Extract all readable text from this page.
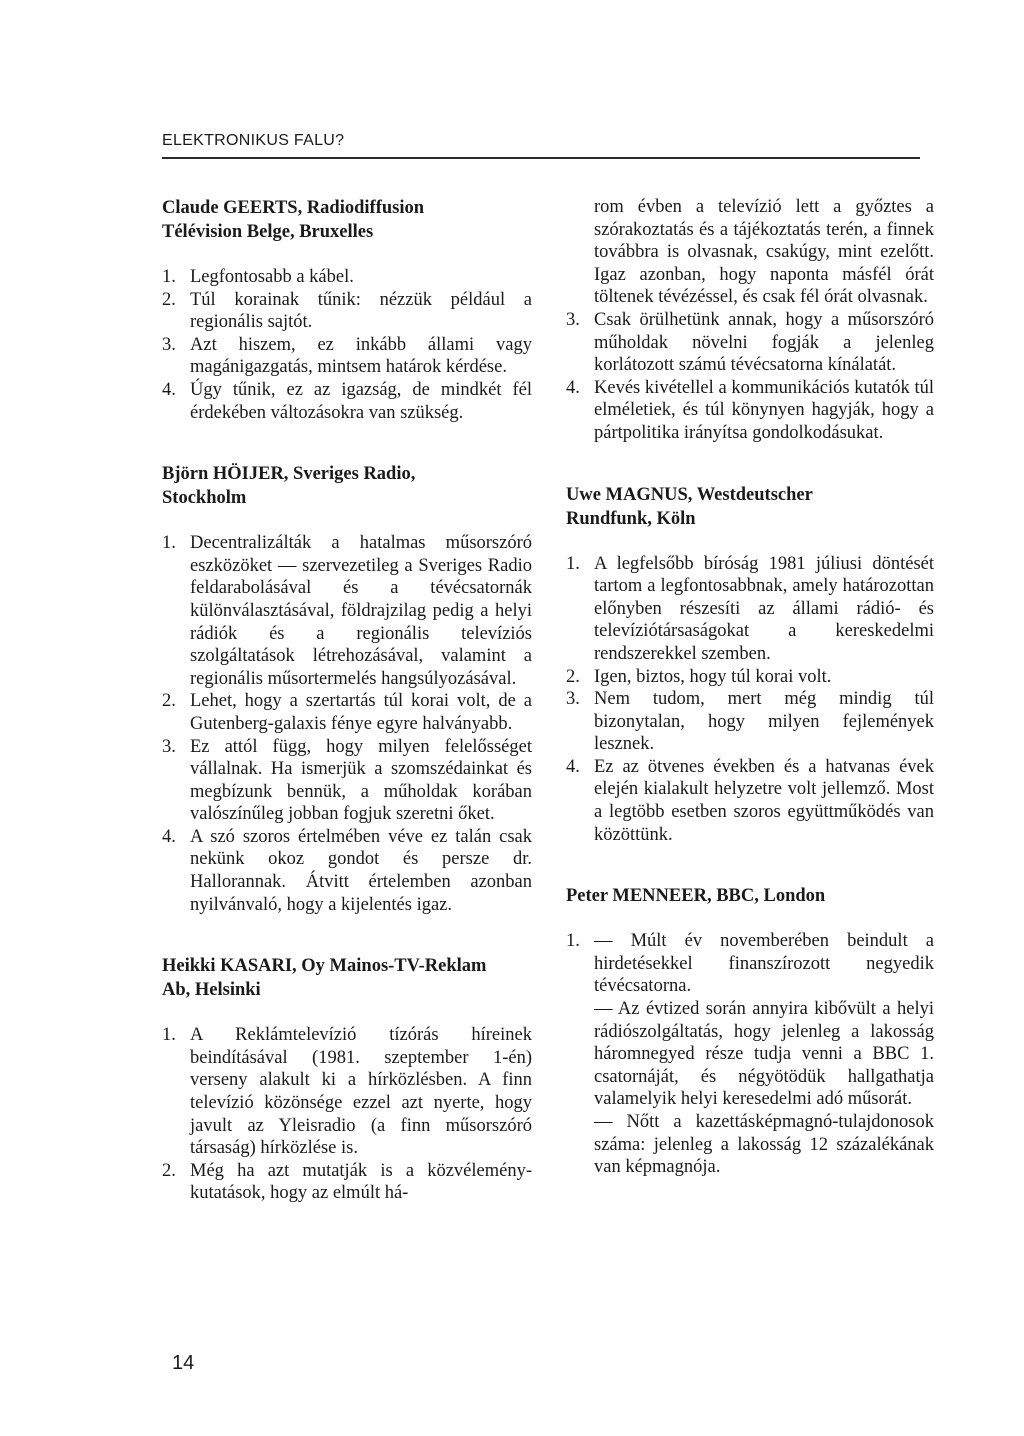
ELEKTRONIKUS FALU?

Claude GEERTS, Radiodiffusion Télévision Belge, Bruxelles

1. Legfontosabb a kábel.

2. Túl korainak tűnik: nézzük például a regionális sajtót.

3. Azt hiszem, ez inkább állami vagy magánigazgatás, mintsem határok kérdése.

4. Úgy tűnik, ez az igazság, de mindkét fél érdekében változásokra van szükség.

Björn HÖIJER, Sveriges Radio, Stockholm

1. Decentralizálták a hatalmas műsorszóró eszközöket — szervezetileg a Sveriges Radio feldarabolásával és a tévécsatornák különválasztásával, földrajzilag pedig a helyi rádiók és a regionális televíziós szolgáltatások létrehozásával, valamint a regionális műsortermelés hangsúlyozásával.

2. Lehet, hogy a szertartás túl korai volt, de a Gutenberg-galaxis fénye egyre halványabb.

3. Ez attól függ, hogy milyen felelősséget vállalnak. Ha ismerjük a szomszédainkat és megbízunk bennük, a műholdak korában valószínűleg jobban fogjuk szeretni őket.

4. A szó szoros értelmében véve ez talán csak nekünk okoz gondot és persze dr. Hallorannak. Átvitt értelemben azonban nyilvánvaló, hogy a kijelentés igaz.

Heikki KASARI, Oy Mainos-TV-Reklam Ab, Helsinki

1. A Reklámtelevízió tízórás híreinek beindításával (1981. szeptember 1-én) verseny alakult ki a hírközlésben. A finn televízió közönsége ezzel azt nyerte, hogy javult az Yleisradio (a finn műsorszóró társaság) hírközlése is.

2. Még ha azt mutatják is a közvélemény-kutatások, hogy az elmúlt há-

rom évben a televízió lett a győztes a szórakoztatás és a tájékoztatás terén, a finnek továbbra is olvasnak, csakúgy, mint ezelőtt. Igaz azonban, hogy naponta másfél órát töltenek tévézéssel, és csak fél órát olvasnak.

3. Csak örülhetünk annak, hogy a műsorszóró műholdak növelni fogják a jelenleg korlátozott számú tévécsatorna kínálatát.

4. Kevés kivétellel a kommunikációs kutatók túl elméletiek, és túl könynyen hagyják, hogy a pártpolitika irányítsa gondolkodásukat.

Uwe MAGNUS, Westdeutscher Rundfunk, Köln

1. A legfelsőbb bíróság 1981 júliusi döntését tartom a legfontosabbnak, amely határozottan előnyben részesíti az állami rádió- és televíziótársaságokat a kereskedelmi rendszerekkel szemben.

2. Igen, biztos, hogy túl korai volt.

3. Nem tudom, mert még mindig túl bizonytalan, hogy milyen fejlemények lesznek.

4. Ez az ötvenes években és a hatvanas évek elején kialakult helyzetre volt jellemző. Most a legtöbb esetben szoros együttműködés van közöttünk.

Peter MENNEER, BBC, London

1. — Múlt év novemberében beindult a hirdetésekkel finanszírozott negyedik tévécsatorna.

— Az évtized során annyira kibővült a helyi rádiószolgáltatás, hogy jelenleg a lakosság háromnegyed része tudja venni a BBC 1. csatornáját, és négyötödük hallgathatja valamelyik helyi keresedelmi adó műsorát.

— Nőtt a kazettásképmagnó-tulajdonosok száma: jelenleg a lakosság 12 százalékának van képmagnója.

14
